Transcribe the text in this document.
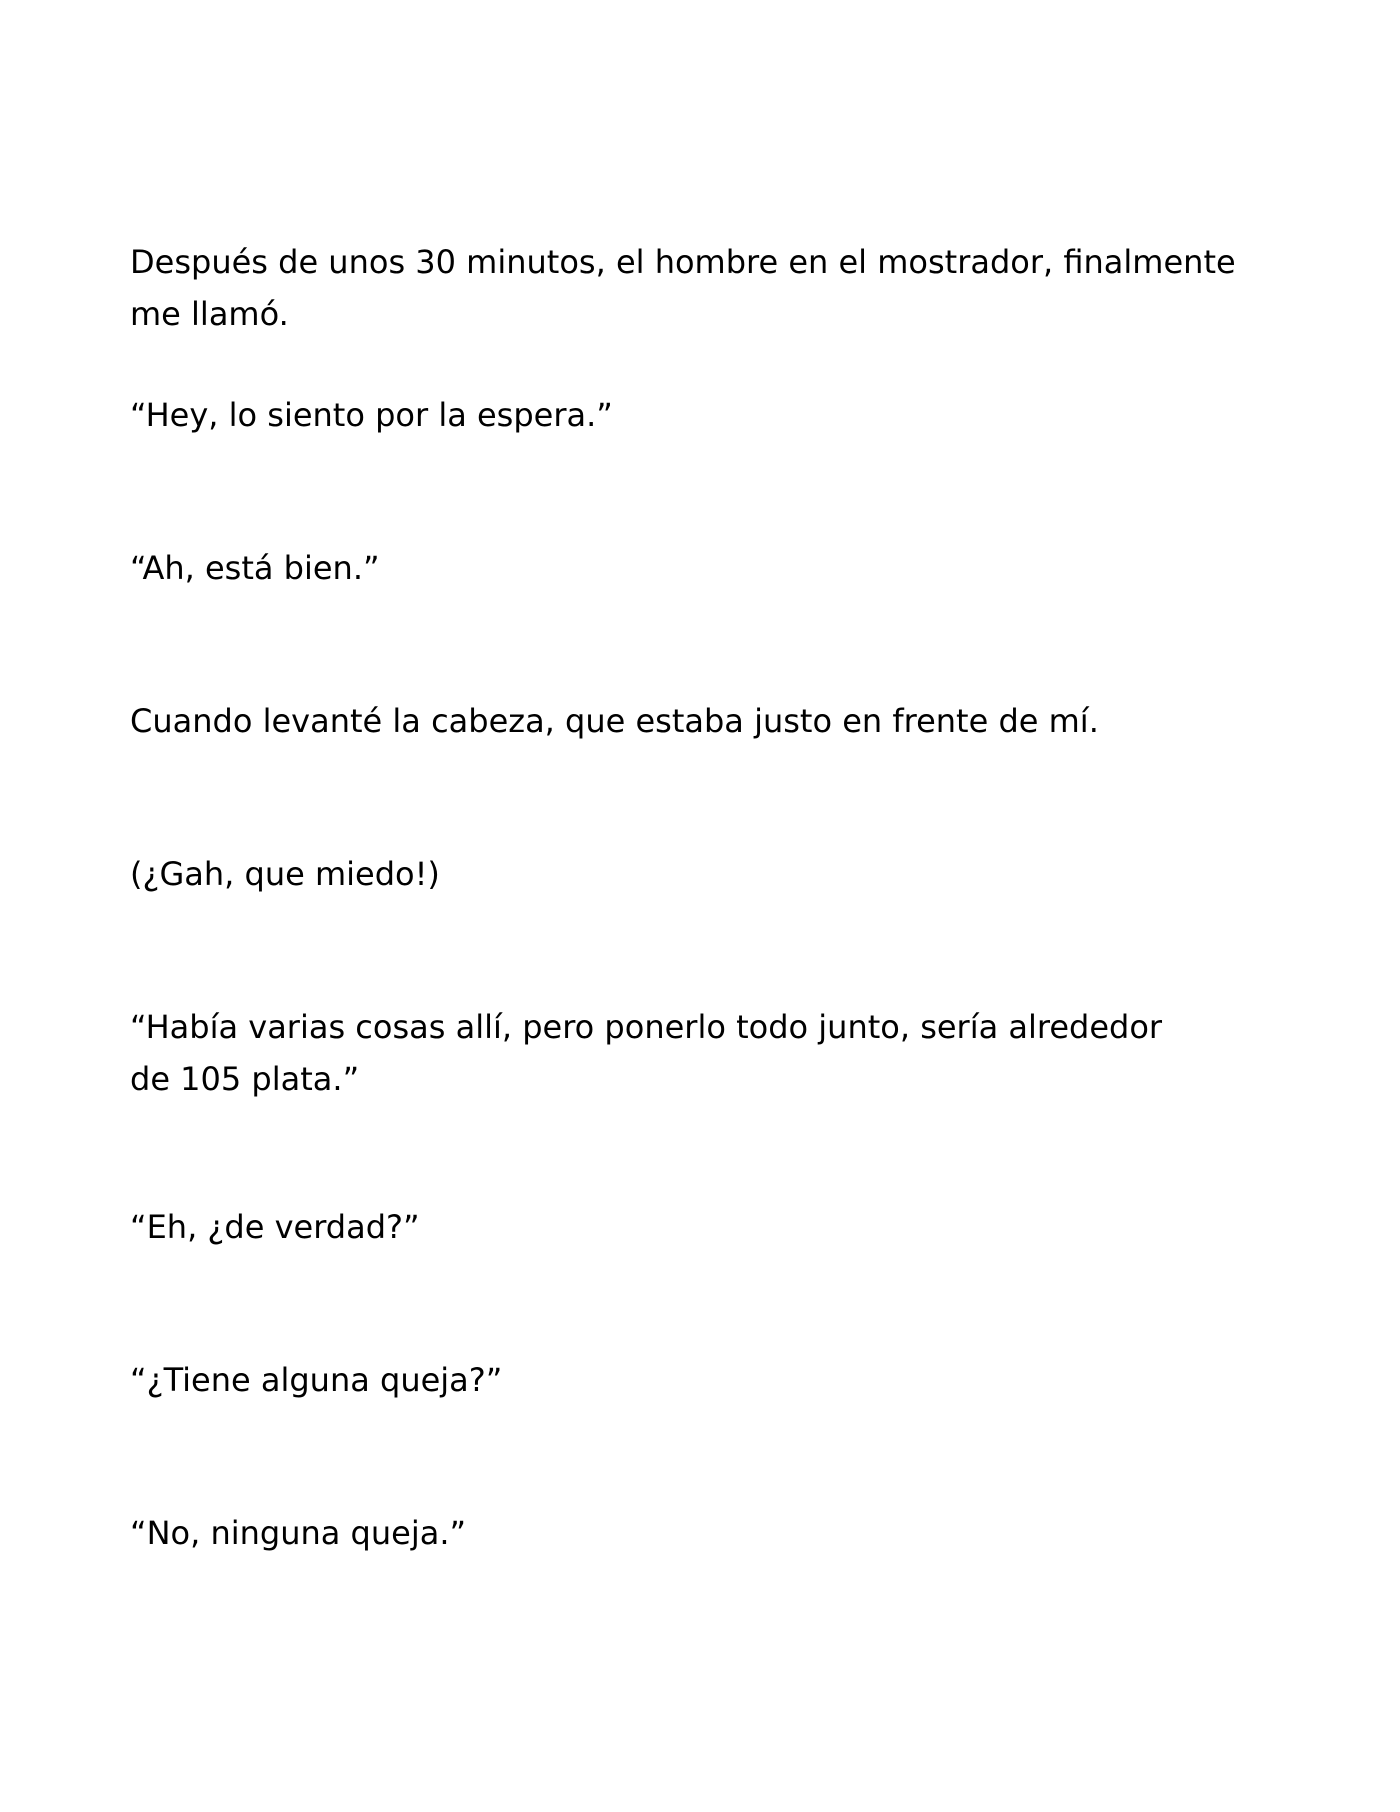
Después de unos 30 minutos, el hombre en el mostrador, finalmente me llamó.

“Hey, lo siento por la espera.”

“Ah, está bien.”

Cuando levanté la cabeza, que estaba justo en frente de mí.

(¿Gah, que miedo!)

“Había varias cosas allí, pero ponerlo todo junto, sería alrededor de 105 plata.”

“Eh, ¿de verdad?”

“¿Tiene alguna queja?”

“No, ninguna queja.”
